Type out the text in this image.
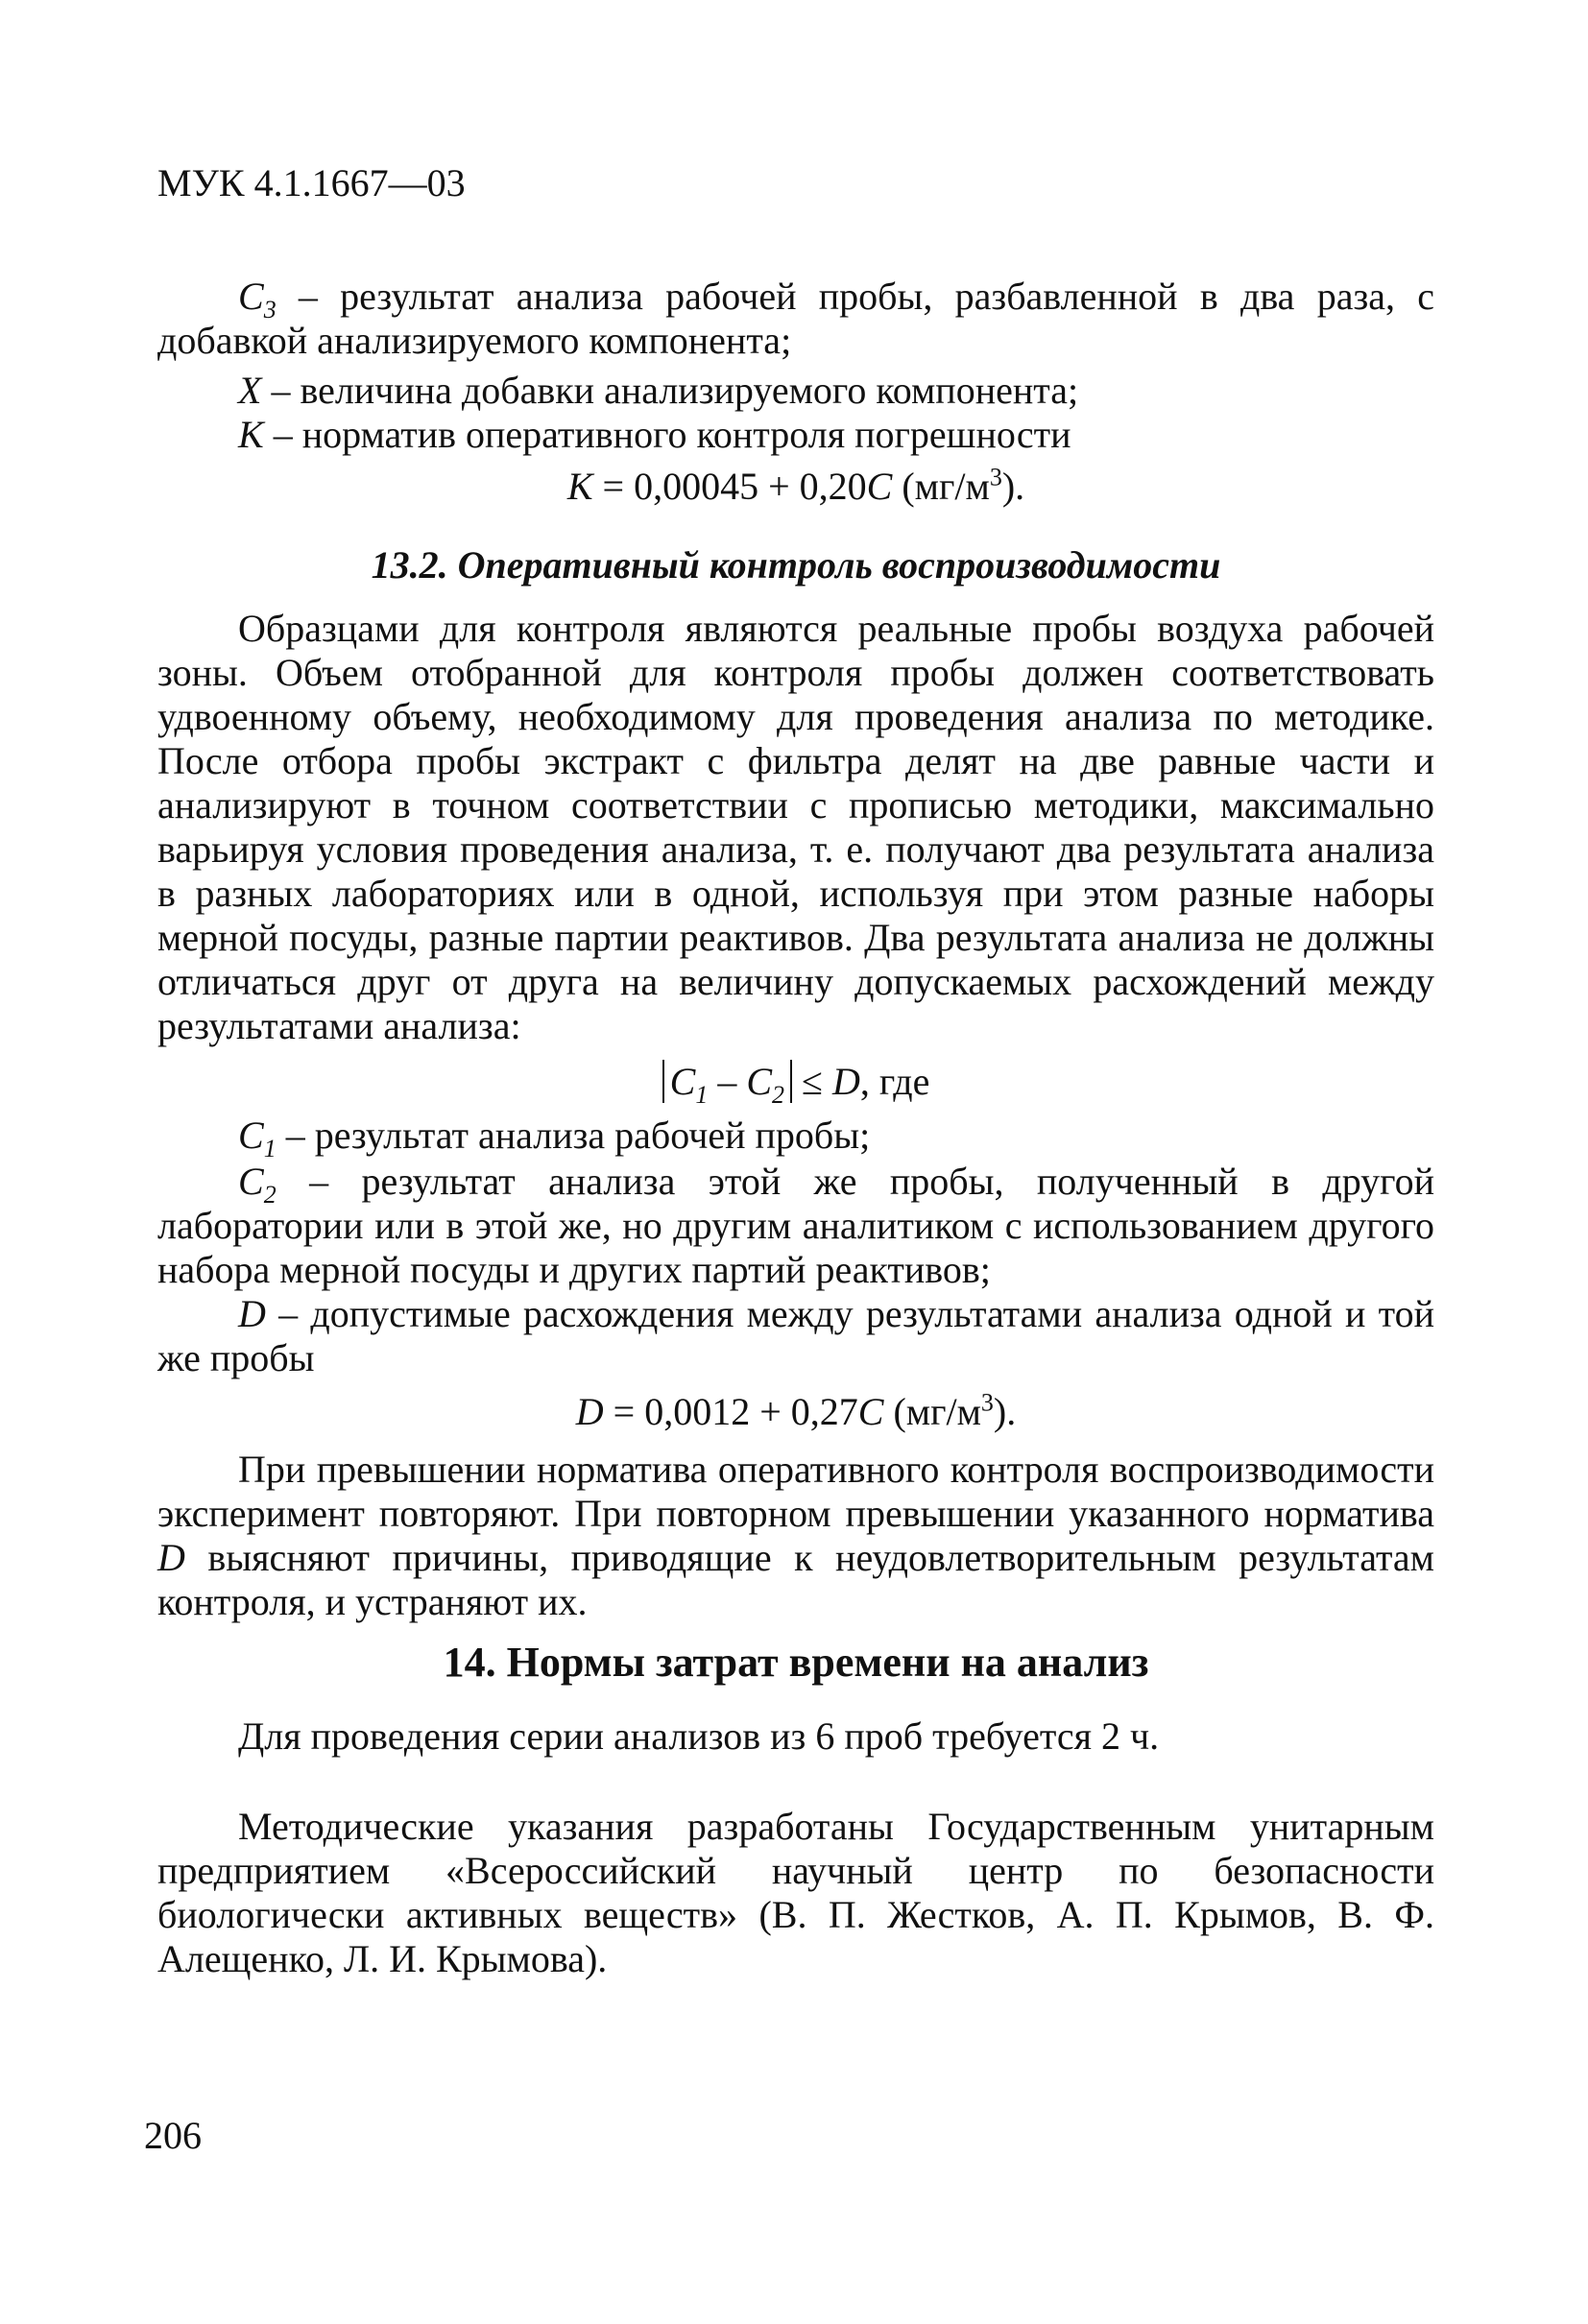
МУК 4.1.1667—03
$C_3$ – результат анализа рабочей пробы, разбавленной в два раза, с добавкой анализируемого компонента;
X – величина добавки анализируемого компонента;
K – норматив оперативного контроля погрешности
K = 0,00045 + 0,20C $(мг/м^3)$.
13.2. Оперативный контроль воспроизводимости
Образцами для контроля являются реальные пробы воздуха рабочей зоны. Объем отобранной для контроля пробы должен соответствовать удвоенному объему, необходимому для проведения анализа по методике. После отбора пробы экстракт с фильтра делят на две равные части и анализируют в точном соответствии с прописью методики, максимально варьируя условия проведения анализа, т. е. получают два результата анализа в разных лабораториях или в одной, используя при этом разные наборы мерной посуды, разные партии реактивов. Два результата анализа не должны отличаться друг от друга на величину допускаемых расхождений между результатами анализа:
$C_1 - C_2 \le D$, где
$C_1$ – результат анализа рабочей пробы;
$C_2$ – результат анализа этой же пробы, полученный в другой лаборатории или в этой же, но другим аналитиком с использованием другого набора мерной посуды и других партий реактивов;
D – допустимые расхождения между результатами анализа одной и той же пробы
D = 0,0012 + 0,27C $(мг/м^3)$.
При превышении норматива оперативного контроля воспроизводимости эксперимент повторяют. При повторном превышении указанного норматива D выясняют причины, приводящие к неудовлетворительным результатам контроля, и устраняют их.
14. Нормы затрат времени на анализ
Для проведения серии анализов из 6 проб требуется 2 ч.
Методические указания разработаны Государственным унитарным предприятием «Всероссийский научный центр по безопасности биологически активных веществ» (В. П. Жестков, А. П. Крымов, В. Ф. Алещенко, Л. И. Крымова).
206
